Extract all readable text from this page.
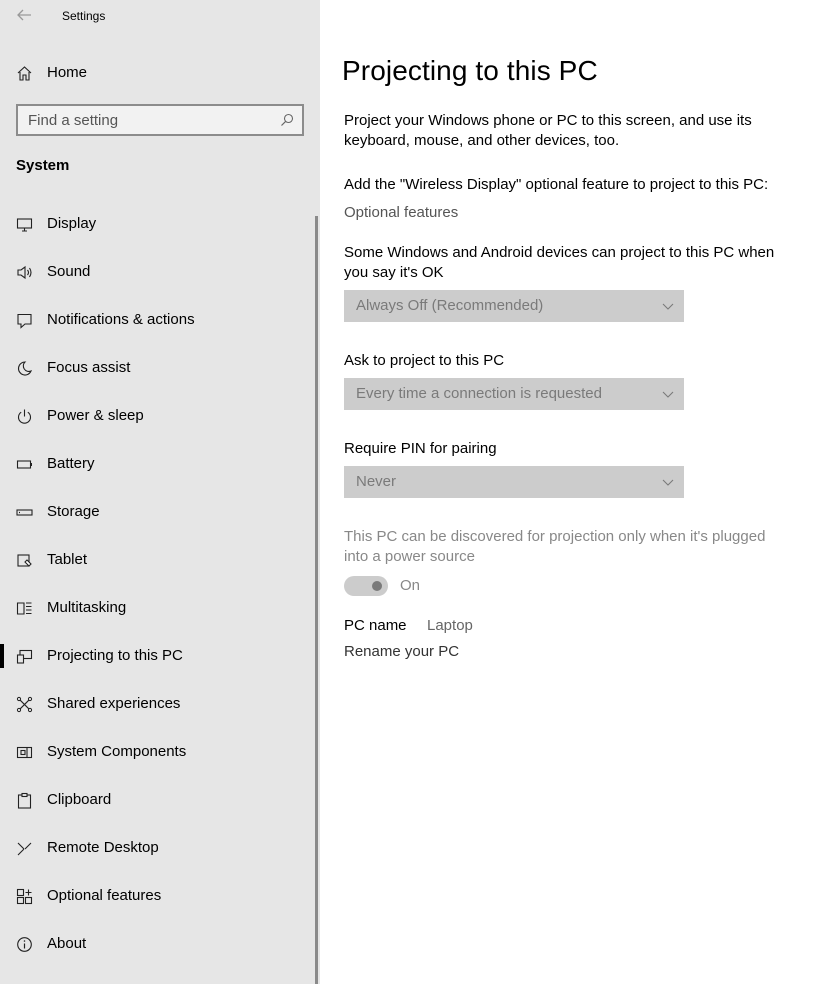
Settings
Home
Find a setting
System
Display
Sound
Notifications & actions
Focus assist
Power & sleep
Battery
Storage
Tablet
Multitasking
Projecting to this PC
Shared experiences
System Components
Clipboard
Remote Desktop
Optional features
About
Projecting to this PC
Project your Windows phone or PC to this screen, and use its keyboard, mouse, and other devices, too.
Add the "Wireless Display" optional feature to project to this PC:
Optional features
Some Windows and Android devices can project to this PC when you say it's OK
Always Off (Recommended)
Ask to project to this PC
Every time a connection is requested
Require PIN for pairing
Never
This PC can be discovered for projection only when it's plugged into a power source
On
PC name Laptop
Rename your PC
